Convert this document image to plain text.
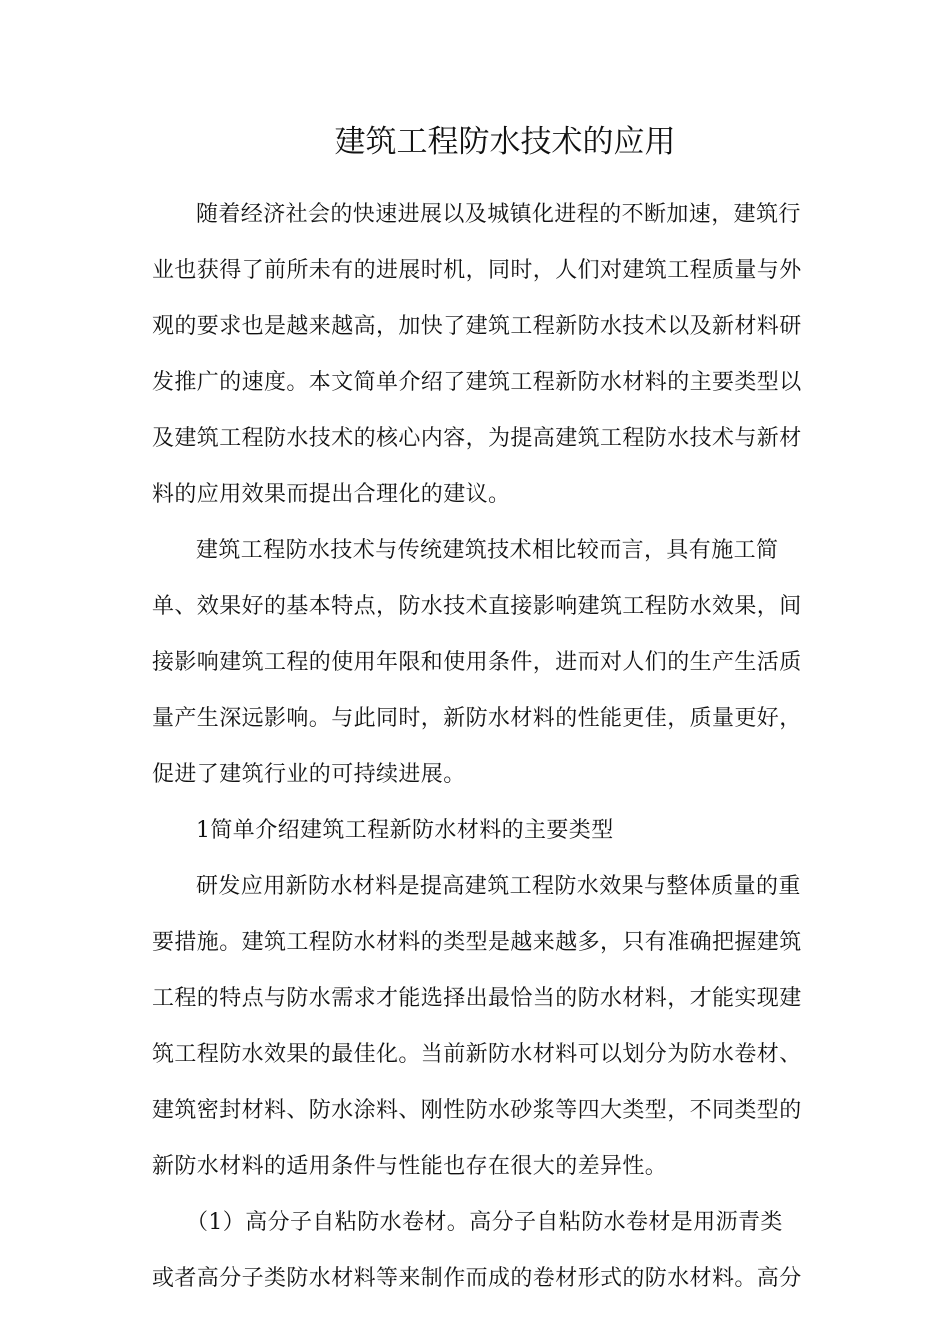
建筑工程防水技术的应用
随着经济社会的快速进展以及城镇化进程的不断加速，建筑行
业也获得了前所未有的进展时机，同时，人们对建筑工程质量与外
观的要求也是越来越高，加快了建筑工程新防水技术以及新材料研
发推广的速度。本文简单介绍了建筑工程新防水材料的主要类型以
及建筑工程防水技术的核心内容，为提高建筑工程防水技术与新材
料的应用效果而提出合理化的建议。
建筑工程防水技术与传统建筑技术相比较而言，具有施工简
单、效果好的基本特点，防水技术直接影响建筑工程防水效果，间
接影响建筑工程的使用年限和使用条件，进而对人们的生产生活质
量产生深远影响。与此同时，新防水材料的性能更佳，质量更好，
促进了建筑行业的可持续进展。
1简单介绍建筑工程新防水材料的主要类型
研发应用新防水材料是提高建筑工程防水效果与整体质量的重
要措施。建筑工程防水材料的类型是越来越多，只有准确把握建筑
工程的特点与防水需求才能选择出最恰当的防水材料，才能实现建
筑工程防水效果的最佳化。当前新防水材料可以划分为防水卷材、
建筑密封材料、防水涂料、刚性防水砂浆等四大类型，不同类型的
新防水材料的适用条件与性能也存在很大的差异性。
（1）高分子自粘防水卷材。高分子自粘防水卷材是用沥青类
或者高分子类防水材料等来制作而成的卷材形式的防水材料。高分
